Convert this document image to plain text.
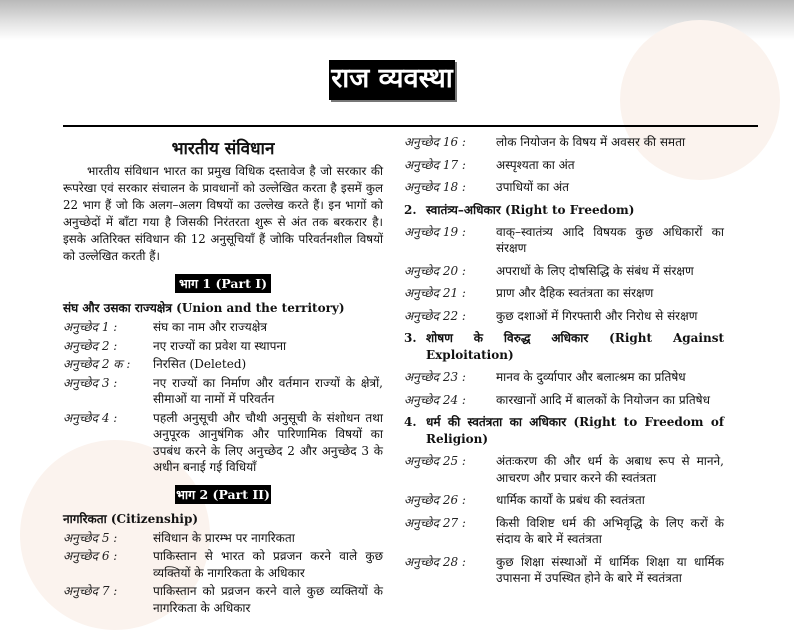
राज व्यवस्था
भारतीय संविधान

भारतीय संविधान भारत का प्रमुख विधिक दस्तावेज है जो सरकार की रूपरेखा एवं सरकार संचालन के प्रावधानों को उल्लेखित करता है इसमें कुल 22 भाग हैं जो कि अलग–अलग विषयों का उल्लेख करते हैं। इन भागों को अनुच्छेदों में बाँटा गया है जिसकी निरंतरता शुरू से अंत तक बरकरार है। इसके अतिरिक्त संविधान की 12 अनुसूचियाँ हैं जोकि परिवर्तनशील विषयों को उल्लेखित करती हैं।

भाग 1 (Part I)
संघ और उसका राज्यक्षेत्र (Union and the territory)
अनुच्छेद 1 :	संघ का नाम और राज्यक्षेत्र
अनुच्छेद 2 :	नए राज्यों का प्रवेश या स्थापना
अनुच्छेद 2 क :	निरसित (Deleted)
अनुच्छेद 3 :	नए राज्यों का निर्माण और वर्तमान राज्यों के क्षेत्रों, सीमाओं या नामों में परिवर्तन
अनुच्छेद 4 :	पहली अनुसूची और चौथी अनुसूची के संशोधन तथा अनुपूरक आनुषंगिक और पारिणामिक विषयों का उपबंध करने के लिए अनुच्छेद 2 और अनुच्छेद 3 के अधीन बनाई गई विधियाँ
भाग 2 (Part II)
नागरिकता (Citizenship)
अनुच्छेद 5 :	संविधान के प्रारम्भ पर नागरिकता
अनुच्छेद 6 :	पाकिस्तान से भारत को प्रव्रजन करने वाले कुछ व्यक्तियों के नागरिकता के अधिकार
अनुच्छेद 7 :	पाकिस्तान को प्रव्रजन करने वाले कुछ व्यक्तियों के नागरिकता के अधिकार
अनुच्छेद 16 :	लोक नियोजन के विषय में अवसर की समता
अनुच्छेद 17 :	अस्पृश्यता का अंत
अनुच्छेद 18 :	उपाधियों का अंत
2. स्वातंत्र्य–अधिकार (Right to Freedom)
अनुच्छेद 19 :	वाक्–स्वातंत्र्य आदि विषयक कुछ अधिकारों का संरक्षण
अनुच्छेद 20 :	अपराधों के लिए दोषसिद्धि के संबंध में संरक्षण
अनुच्छेद 21 :	प्राण और दैहिक स्वतंत्रता का संरक्षण
अनुच्छेद 22 :	कुछ दशाओं में गिरफ्तारी और निरोध से संरक्षण
3. शोषण के विरुद्ध अधिकार (Right Against Exploitation)
अनुच्छेद 23 :	मानव के दुर्व्यापार और बलात्श्रम का प्रतिषेध
अनुच्छेद 24 :	कारखानों आदि में बालकों के नियोजन का प्रतिषेध
4. धर्म की स्वतंत्रता का अधिकार (Right to Freedom of Religion)
अनुच्छेद 25 :	अंतःकरण की और धर्म के अबाध रूप से मानने, आचरण और प्रचार करने की स्वतंत्रता
अनुच्छेद 26 :	धार्मिक कार्यों के प्रबंध की स्वतंत्रता
अनुच्छेद 27 :	किसी विशिष्ट धर्म की अभिवृद्धि के लिए करों के संदाय के बारे में स्वतंत्रता
अनुच्छेद 28 :	कुछ शिक्षा संस्थाओं में धार्मिक शिक्षा या धार्मिक उपासना में उपस्थित होने के बारे में स्वतंत्रता
